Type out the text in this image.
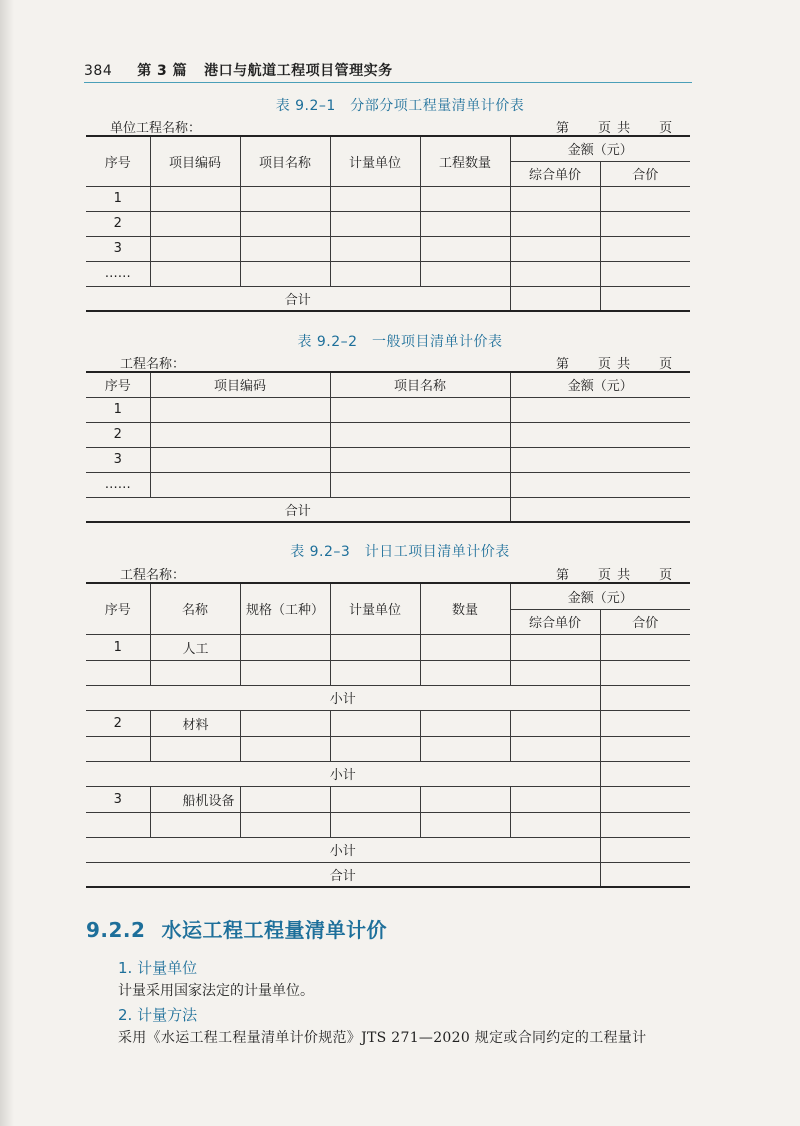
384 第 3 篇 港口与航道工程项目管理实务
表 9.2–1　分部分项工程量清单计价表
单位工程名称：	第　　页 共　　页
序号	项目编码	项目名称	计量单位	工程数量	金额（元）	
					综合单价	合价
1						
2						
3						
……						
合计						
表 9.2–2　一般项目清单计价表
工程名称：	第　　页 共　　页
序号	项目编码	项目名称	金额（元）
1			
2			
3			
……			
合计			
表 9.2–3　计日工项目清单计价表
工程名称：	第　　页 共　　页
序号	名称	规格（工种）	计量单位	数量	金额（元）	
					综合单价	合价
1	人工					

小计						
2	材料					

小计						
3	船机设备					

小计						
合计						
9.2.2 水运工程工程量清单计价
1. 计量单位
计量采用国家法定的计量单位。
2. 计量方法
采用《水运工程工程量清单计价规范》JTS 271—2020 规定或合同约定的工程量计
